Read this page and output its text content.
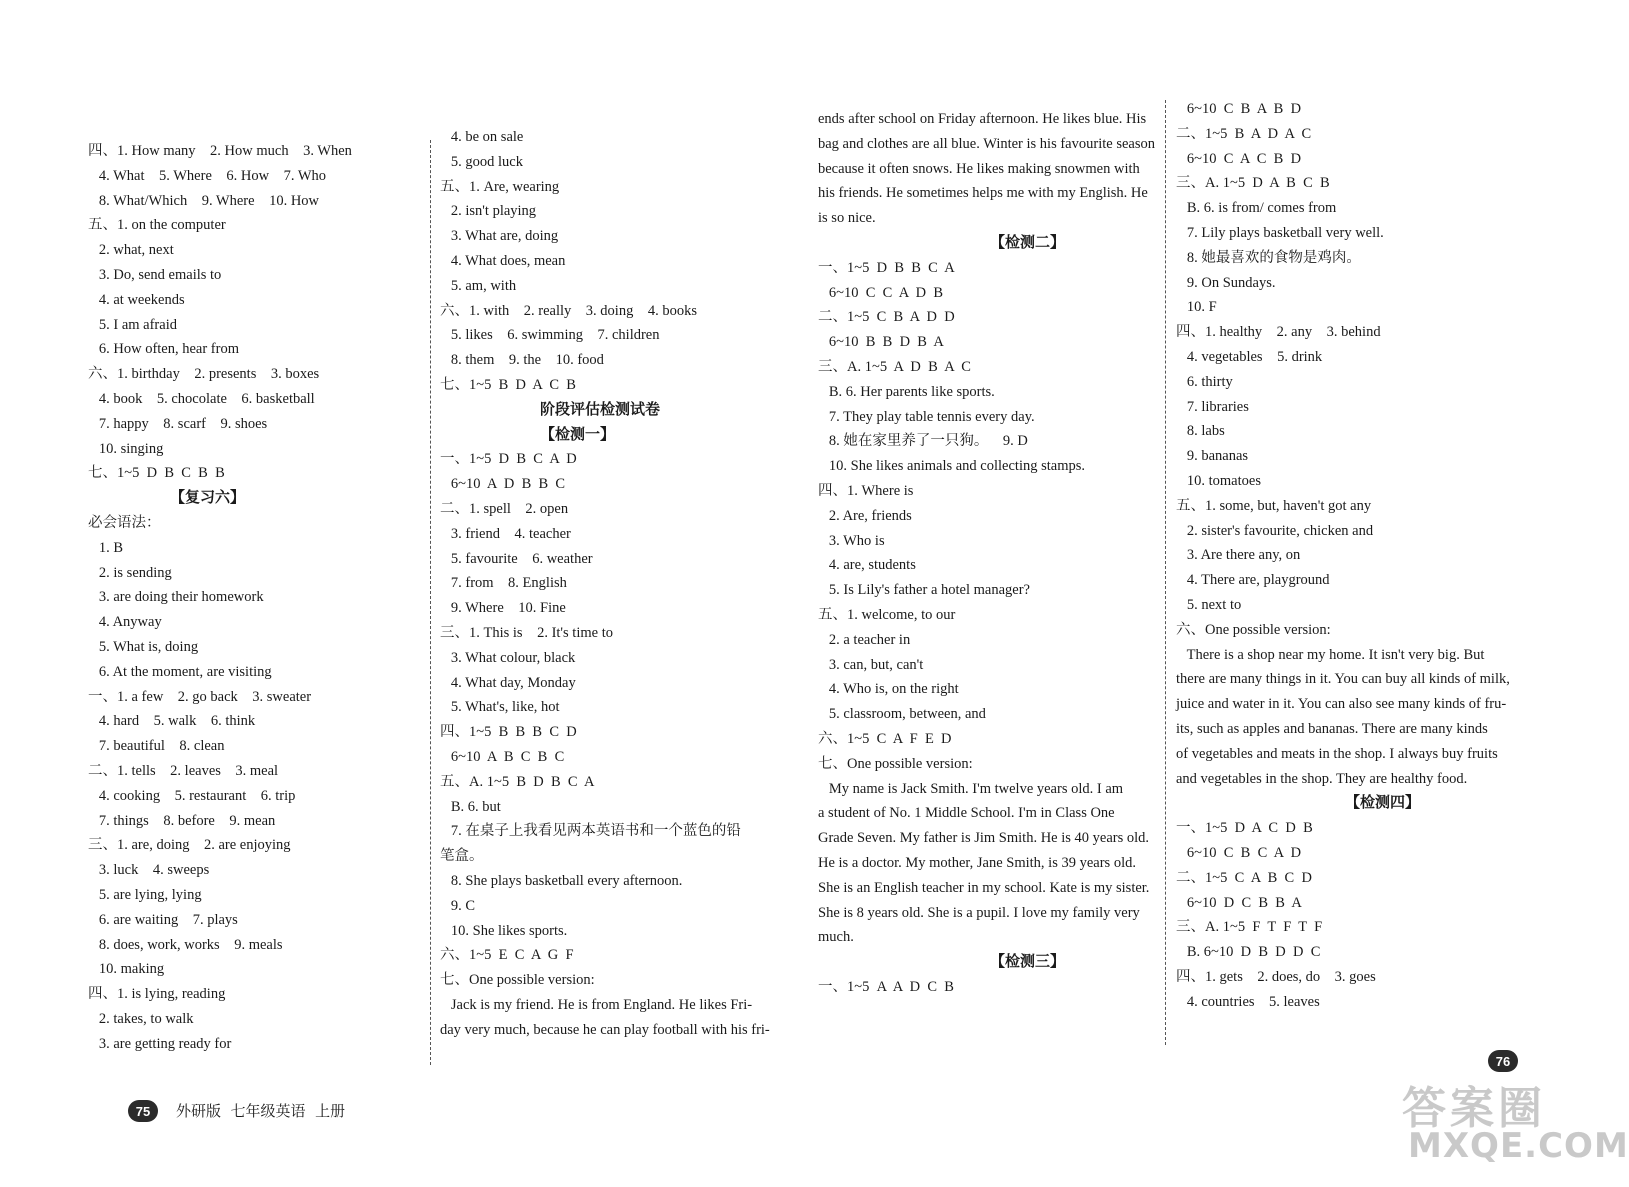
四、1. How many    2. How much    3. When
4. What    5. Where    6. How    7. Who
8. What/Which    9. Where    10. How
五、1. on the computer
2. what, next
3. Do, send emails to
4. at weekends
5. I am afraid
6. How often, hear from
六、1. birthday    2. presents    3. boxes
4. book    5. chocolate    6. basketball
7. happy    8. scarf    9. shoes
10. singing
七、1~5  D  B  C  B  B
【复习六】
必会语法：
1. B
2. is sending
3. are doing their homework
4. Anyway
5. What is, doing
6. At the moment, are visiting
一、1. a few    2. go back    3. sweater
4. hard    5. walk    6. think
7. beautiful    8. clean
二、1. tells    2. leaves    3. meal
4. cooking    5. restaurant    6. trip
7. things    8. before    9. mean
三、1. are, doing    2. are enjoying
3. luck    4. sweeps
5. are lying, lying
6. are waiting    7. plays
8. does, work, works    9. meals
10. making
四、1. is lying, reading
2. takes, to walk
3. are getting ready for
4. be on sale
5. good luck
五、1. Are, wearing
2. isn't playing
3. What are, doing
4. What does, mean
5. am, with
六、1. with    2. really    3. doing    4. books
5. likes    6. swimming    7. children
8. them    9. the    10. food
七、1~5  B  D  A  C  B
阶段评估检测试卷
【检测一】
一、1~5  D  B  C  A  D
6~10  A  D  B  B  C
二、1. spell    2. open
3. friend    4. teacher
5. favourite    6. weather
7. from    8. English
9. Where    10. Fine
三、1. This is    2. It's time to
3. What colour, black
4. What day, Monday
5. What's, like, hot
四、1~5  B  B  B  C  D
6~10  A  B  C  B  C
五、A. 1~5  B  D  B  C  A
B. 6. but
7. 在桌子上我看见两本英语书和一个蓝色的铅
笔盒。
8. She plays basketball every afternoon.
9. C
10. She likes sports.
六、1~5  E  C  A  G  F
七、One possible version:
Jack is my friend. He is from England. He likes Fri-
day very much, because he can play football with his fri-
ends after school on Friday afternoon. He likes blue. His
bag and clothes are all blue. Winter is his favourite season
because it often snows. He likes making snowmen with
his friends. He sometimes helps me with my English. He
is so nice.
【检测二】
一、1~5  D  B  B  C  A
6~10  C  C  A  D  B
二、1~5  C  B  A  D  D
6~10  B  B  D  B  A
三、A. 1~5  A  D  B  A  C
B. 6. Her parents like sports.
7. They play table tennis every day.
8. 她在家里养了一只狗。    9. D
10. She likes animals and collecting stamps.
四、1. Where is
2. Are, friends
3. Who is
4. are, students
5. Is Lily's father a hotel manager?
五、1. welcome, to our
2. a teacher in
3. can, but, can't
4. Who is, on the right
5. classroom, between, and
六、1~5  C  A  F  E  D
七、One possible version:
My name is Jack Smith. I'm twelve years old. I am
a student of No. 1 Middle School. I'm in Class One
Grade Seven. My father is Jim Smith. He is 40 years old.
He is a doctor. My mother, Jane Smith, is 39 years old.
She is an English teacher in my school. Kate is my sister.
She is 8 years old. She is a pupil. I love my family very
much.
【检测三】
一、1~5  A  A  D  C  B
6~10  C  B  A  B  D
二、1~5  B  A  D  A  C
6~10  C  A  C  B  D
三、A. 1~5  D  A  B  C  B
B. 6. is from/ comes from
7. Lily plays basketball very well.
8. 她最喜欢的食物是鸡肉。
9. On Sundays.
10. F
四、1. healthy    2. any    3. behind
4. vegetables    5. drink
6. thirty
7. libraries
8. labs
9. bananas
10. tomatoes
五、1. some, but, haven't got any
2. sister's favourite, chicken and
3. Are there any, on
4. There are, playground
5. next to
六、One possible version:
There is a shop near my home. It isn't very big. But
there are many things in it. You can buy all kinds of milk,
juice and water in it. You can also see many kinds of fru-
its, such as apples and bananas. There are many kinds
of vegetables and meats in the shop. I always buy fruits
and vegetables in the shop. They are healthy food.
【检测四】
一、1~5  D  A  C  D  B
6~10  C  B  C  A  D
二、1~5  C  A  B  C  D
6~10  D  C  B  B  A
三、A. 1~5  F  T  F  T  F
B. 6~10  D  B  D  D  C
四、1. gets    2. does, do    3. goes
4. countries    5. leaves
75	外研版  七年级英语  上册
76
答案圈
MXQE.COM
